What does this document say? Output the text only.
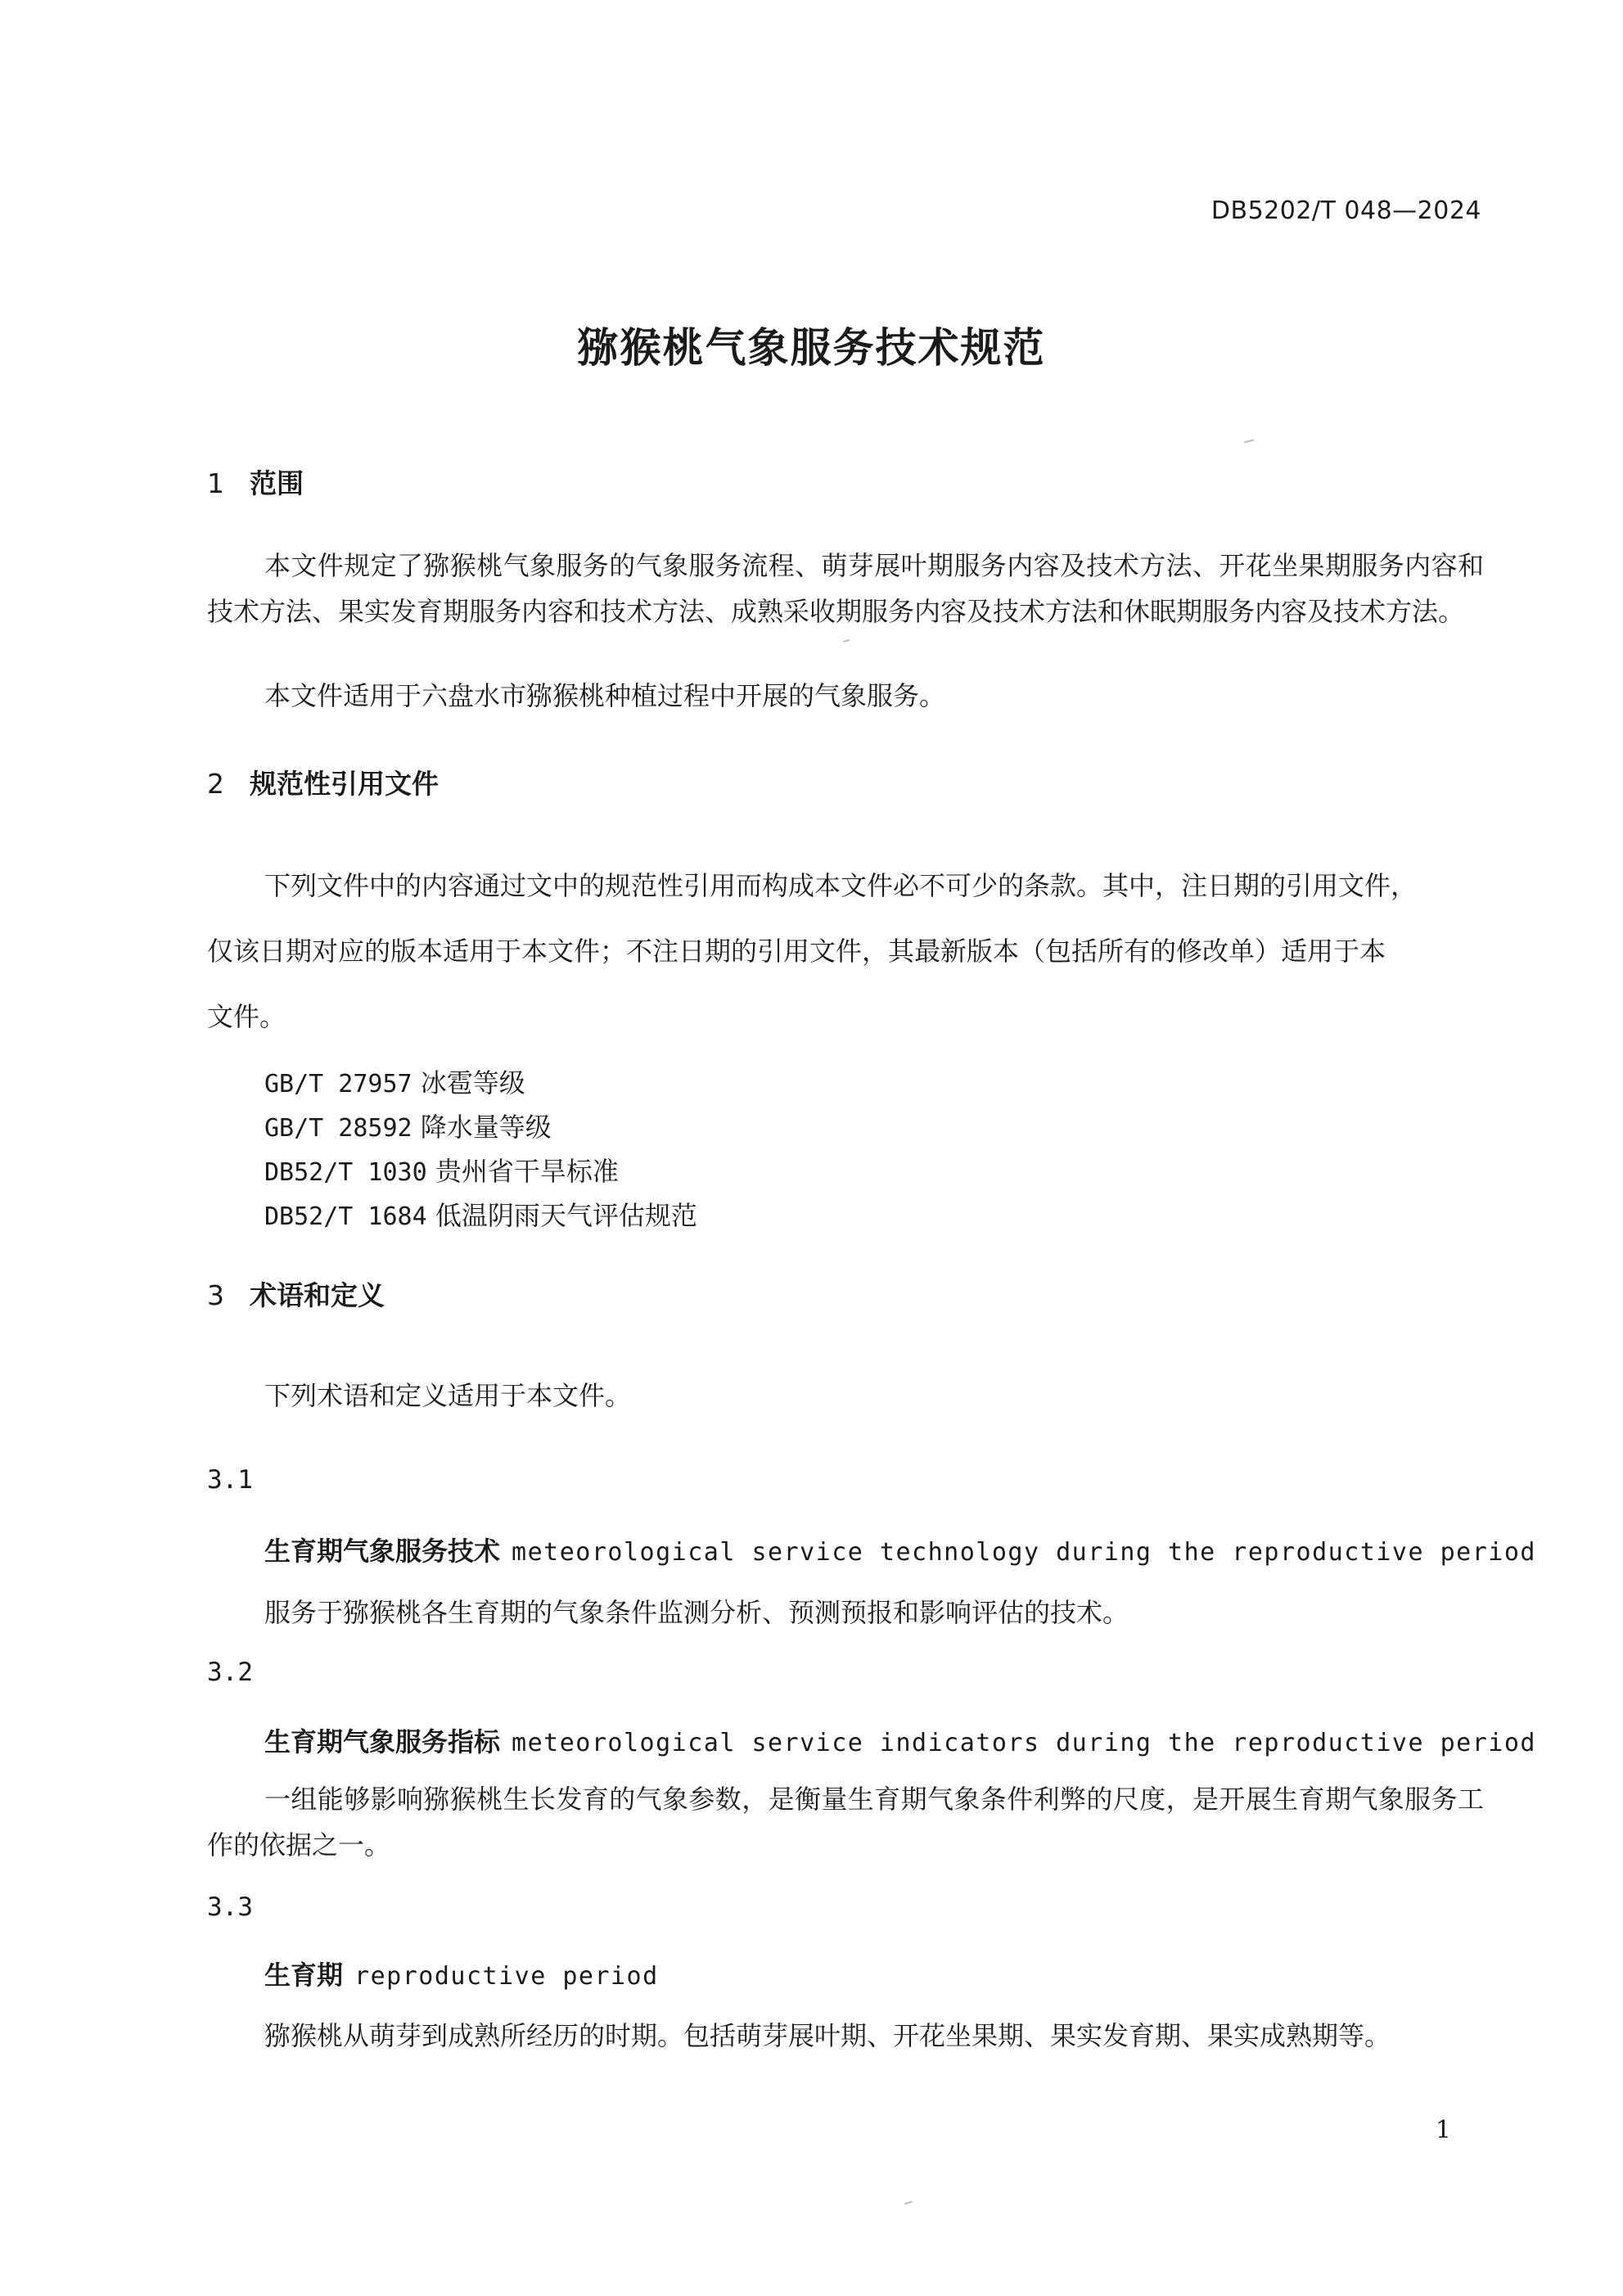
DB5202/T 048—2024
猕猴桃气象服务技术规范
1 范围
本文件规定了猕猴桃气象服务的气象服务流程、萌芽展叶期服务内容及技术方法、开花坐果期服务内容和技术方法、果实发育期服务内容和技术方法、成熟采收期服务内容及技术方法和休眠期服务内容及技术方法。
本文件适用于六盘水市猕猴桃种植过程中开展的气象服务。
2 规范性引用文件
下列文件中的内容通过文中的规范性引用而构成本文件必不可少的条款。其中，注日期的引用文件，
仅该日期对应的版本适用于本文件；不注日期的引用文件，其最新版本（包括所有的修改单）适用于本
文件。
GB/T 27957 冰雹等级
GB/T 28592 降水量等级
DB52/T 1030 贵州省干旱标准
DB52/T 1684 低温阴雨天气评估规范
3 术语和定义
下列术语和定义适用于本文件。
3.1
生育期气象服务技术 meteorological service technology during the reproductive period
服务于猕猴桃各生育期的气象条件监测分析、预测预报和影响评估的技术。
3.2
生育期气象服务指标 meteorological service indicators during the reproductive period
一组能够影响猕猴桃生长发育的气象参数，是衡量生育期气象条件利弊的尺度，是开展生育期气象服务工作的依据之一。
3.3
生育期 reproductive period
猕猴桃从萌芽到成熟所经历的时期。包括萌芽展叶期、开花坐果期、果实发育期、果实成熟期等。
1
